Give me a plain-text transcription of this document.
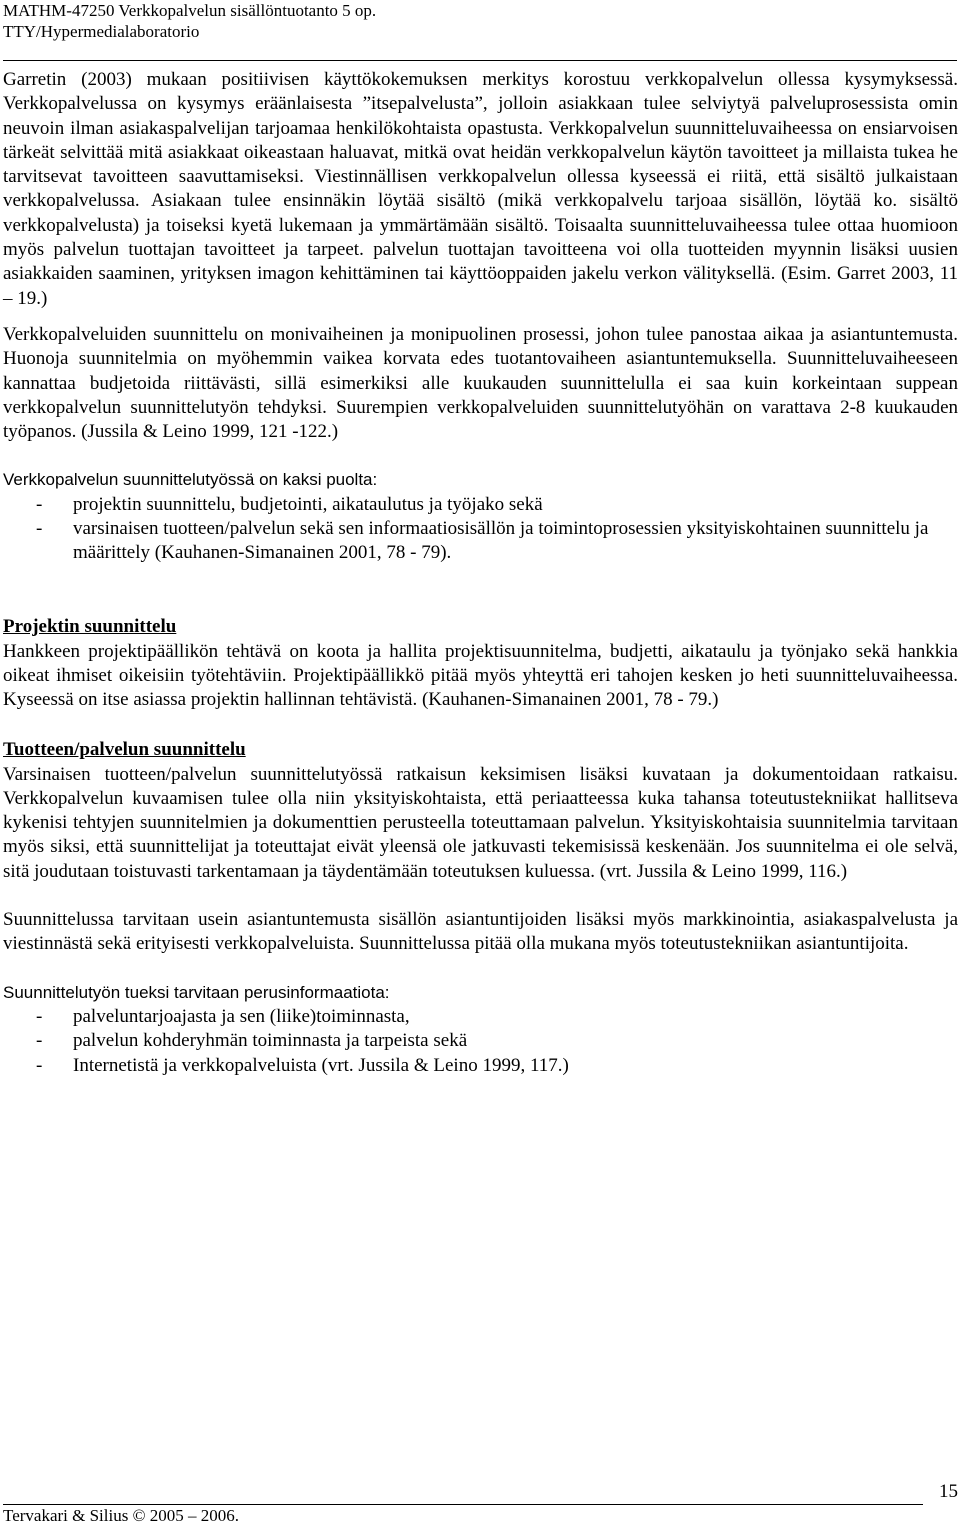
MATHM-47250 Verkkopalvelun sisällöntuotanto 5 op.
TTY/Hypermedialaboratorio

Garretin (2003) mukaan positiivisen käyttökokemuksen merkitys korostuu verkkopalvelun ollessa kysymyksessä. Verkkopalvelussa on kysymys eräänlaisesta ”itsepalvelusta”, jolloin asiakkaan tulee selviytyä palveluprosessista omin neuvoin ilman asiakaspalvelijan tarjoamaa henkilökohtaista opastusta. Verkkopalvelun suunnitteluvaiheessa on ensiarvoisen tärkeät selvittää mitä asiakkaat oikeastaan haluavat, mitkä ovat heidän verkkopalvelun käytön tavoitteet ja millaista tukea he tarvitsevat tavoitteen saavuttamiseksi. Viestinnällisen verkkopalvelun ollessa kyseessä ei riitä, että sisältö julkaistaan verkkopalvelussa. Asiakaan tulee ensinnäkin löytää sisältö (mikä verkkopalvelu tarjoaa sisällön, löytää ko. sisältö verkkopalvelusta) ja toiseksi kyetä lukemaan ja ymmärtämään sisältö. Toisaalta suunnitteluvaiheessa tulee ottaa huomioon myös palvelun tuottajan tavoitteet ja tarpeet. palvelun tuottajan tavoitteena voi olla tuotteiden myynnin lisäksi uusien asiakkaiden saaminen, yrityksen imagon kehittäminen tai käyttöoppaiden jakelu verkon välityksellä. (Esim. Garret 2003, 11 – 19.)

Verkkopalveluiden suunnittelu on monivaiheinen ja monipuolinen prosessi, johon tulee panostaa aikaa ja asiantuntemusta. Huonoja suunnitelmia on myöhemmin vaikea korvata edes tuotantovaiheen asiantuntemuksella. Suunnitteluvaiheeseen kannattaa budjetoida riittävästi, sillä esimerkiksi alle kuukauden suunnittelulla ei saa kuin korkeintaan suppean verkkopalvelun suunnittelutyön tehdyksi. Suurempien verkkopalveluiden suunnittelutyöhän on varattava 2-8 kuukauden työpanos. (Jussila & Leino 1999, 121 -122.)

Verkkopalvelun suunnittelutyössä on kaksi puolta:

- projektin suunnittelu, budjetointi, aikataulutus ja työjako sekä
- varsinaisen tuotteen/palvelun sekä sen informaatiosisällön ja toimintoprosessien yksityiskohtainen suunnittelu ja määrittely (Kauhanen-Simanainen 2001, 78 - 79).
Projektin suunnittelu

Hankkeen projektipäällikön tehtävä on koota ja hallita projektisuunnitelma, budjetti, aikataulu ja työnjako sekä hankkia oikeat ihmiset oikeisiin työtehtäviin. Projektipäällikkö pitää myös yhteyttä eri tahojen kesken jo heti suunnitteluvaiheessa. Kyseessä on itse asiassa projektin hallinnan tehtävistä. (Kauhanen-Simanainen 2001, 78 - 79.)

Tuotteen/palvelun suunnittelu

Varsinaisen tuotteen/palvelun suunnittelutyössä ratkaisun keksimisen lisäksi kuvataan ja dokumentoidaan ratkaisu. Verkkopalvelun kuvaamisen tulee olla niin yksityiskohtaista, että periaatteessa kuka tahansa toteutustekniikat hallitseva kykenisi tehtyjen suunnitelmien ja dokumenttien perusteella toteuttamaan palvelun. Yksityiskohtaisia suunnitelmia tarvitaan myös siksi, että suunnittelijat ja toteuttajat eivät yleensä ole jatkuvasti tekemisissä keskenään. Jos suunnitelma ei ole selvä, sitä joudutaan toistuvasti tarkentamaan ja täydentämään toteutuksen kuluessa. (vrt. Jussila & Leino 1999, 116.)

Suunnittelussa tarvitaan usein asiantuntemusta sisällön asiantuntijoiden lisäksi myös markkinointia, asiakaspalvelusta ja viestinnästä sekä erityisesti verkkopalveluista. Suunnittelussa pitää olla mukana myös toteutustekniikan asiantuntijoita.

Suunnittelutyön tueksi tarvitaan perusinformaatiota:

- palveluntarjoajasta ja sen (liike)toiminnasta,
- palvelun kohderyhmän toiminnasta ja tarpeista sekä
- Internetistä ja verkkopalveluista (vrt. Jussila & Leino 1999, 117.)
15
Tervakari & Silius © 2005 – 2006.
